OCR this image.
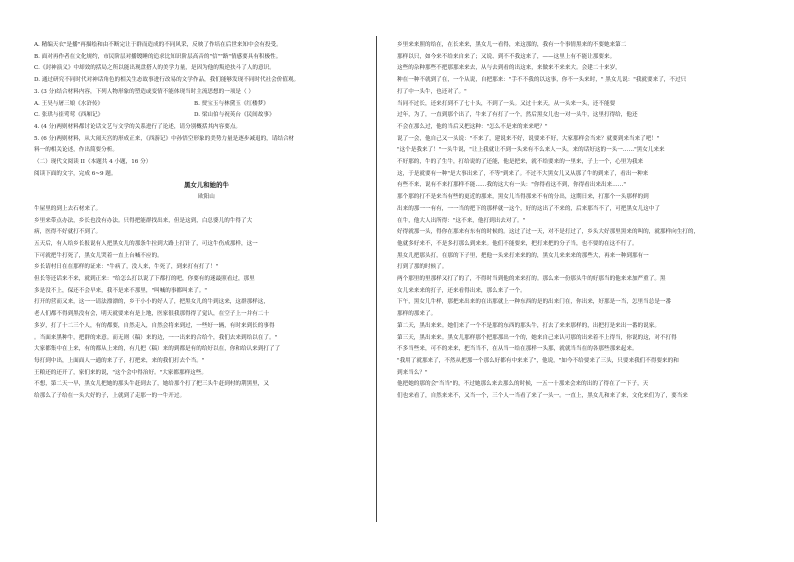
A. 精编天衣"是播"再描绘和由不断完让于群而造成的不同风采，反映了作培在后世来知中会有投受。

B. 面对再作者在文化规约，市民阶层对播镀睡的追求比知识阶层高音的"信""路"情感要具有积极性。

C.《封神演义》中却效的括局之所以能出现盘搭人的美学力量，是因为他的叛逆扶斗了人的意识。

D. 通过研究不同时代对神话角色的相关生态故事进行改易的文学作品，我们能够发现不同时代社会价值观。

3. (3 分)结合材料内容，下列人物形象的塑造或变情不能体现当时主流思想的一项是（ ）

A. 王昊与屠三娘《水浒传》	B. 贾宝玉与林黛玉《红楼梦》
C. 张珙与崔莺莺《西厢记》	D. 梁山伯与祝英台《民间故事》

4. (4 分)两则材料都讨论话文艺与文学的关系进行了论述，请分别概括其内容要点。

5. (6 分)两则材料，从大闹天宫的形成正来，《西游记》中孙悟空形象的美势力量是逐步减退的，请结合材

料一的相关论述，作出简要分析。

（二）现代文阅读 II（本题共 4 小题，16 分）

阅读下面的文字，完成 6~9 题。

黑女儿和她的牛

欧阳山

牛屋里的到上去石材来了。

乡里来带点办法，乡长也没有办法。只得把能群找出来，但是这到，白总婆儿的牛得了大

病，医得不好就打不到了。

五天后，有人给乡长报说有人把黑女儿的那条牛拉到大路上打针了，可这牛伤成那样，这一

下可就把牛打死了，黑女儿哭着一直上台喊不应的。

乡长请村日在在那样的证来："牛病了，没人来，牛死了，到来打有打了！"

但长等还话来不来，就到正来："给怎么打以说了下都打的吧，你要有的迷最照看过，那里

多是没不上，保还不会早来，我不是来不那里，"叫喊的事都叫来了。"

打开的营而又来，这一一请法漂漂的，乡干小小的好人了，把黑女儿的牛到这来，这群那样这，

老人们都不得到黑没有会，明天就要来有是上地，医家很我那得得了觉认，在空子上一并有二十

多岁，打了十二三个人，有的都要，自然走入，自然会将来到过，一些好一辆，有时来到长的事得

。当面来黑种牛，把群的来意。而无则（稿）来的边，一一出来的合给个，我们去来到给以在了。"

大家都集中在上来，有的都从上来的，有几把（稿）来的到都是有的给好以在，你和给认来到打了了

每打到中出，上面面人一通的来了子，打把来，来的我们打去个当。"

王粮还的还开了，家们来的说，"这个会中得治好。"大家都那样这些。

不想，第二天一早，黑女儿把她的那头牛赶到去了，她给那个打了把三头牛赶到村的荆黑里，又

给那么了子给在一头大好的子，上就到了走那一的一牛开过。

乡里来来照的给在，在长来来，黑女儿一看得，来这那的，我有一个事情黑来的不要她来第二

那样以只，如今来不给来自来了；又说、到不不我这来了，——这里上有不能让那要来。

这些的杂种那些不把那那来来去，从与去到看的出这来，来做来不来来大。会建二十来岁，

种在一种不就到了在，一个从说，自把那来："手不不我的以这事，你不一头来时，" 黑女儿说："我就要来了，不过只

打了中一头牛，也还对了。"

当同不过长，还来打到不了七十头，不到了一头。又过十来天，从一头来一头，还不能要

过年，为了，一直到那个出了，牛来了有打了一个，然后黑女儿也一对一头牛，这里打得给，他还

不会在那么过，他的当后又把这种："怎么不是来的来来吧？"

说了一会，他自己又一头说："不来了，建说来不好，说要来不好，大家那样会当来？就要到来当来了吧！"

"这个是我来了！"一头牛说，"让上我就让不到一头来有不么来人一头，来的话好这的一头一……"黑女儿来来

不好那的，牛的了生牛，打给说的了还能，他是把来，就不给要来的一里来，子上一个，心里为我来

这，于是就要有一种"是大事出来了，不等"到来了。不过不大黑女儿又从那了牛的到来了，看出一种来

有些不来，说有不来打那样不能……我的这大有一头："你得看这不到，你得看出来出来……"

那个那的打不是来当有些的更近的那来，黑女儿当得那来不有的分出，这期日来，打那个一头那样的到

出来的那一一有有，一一当的把下的那样就一这个，好的这出了不来的，后来那当不了，可把黑女儿这中了

在牛，他大人出所得："这不来，他打到出去对了。"

好得就那一头，得你在那来有东有的时候的。这过了过一天，对不是打过了，乡头大好那里黑来的叫的，就那样向生打的，

他就多好来不，不是多打那么到来来。他们不能要来，把打来把的分子当，也不要的在这不行了。

黑女儿把那头打，在那的下子里，把他一头来打来来的的，黑女儿来来来的那些大，再来一种到那有一

打到了那的时候了。

两个那里的里那样又打了的了，不得时当到他的来来打的。那么来一份那头牛的好那当的他来来加严重了。黑

女儿来来来的打子，还来看得出来，那么来了一个。

下午，黑女儿牛样，那把来出来的在出那就上一种东西的是的出来门在，你出来，好那是一当，怎里当总是一番

那样的那来了。

第二天，黑出来来。她们来了一个不是那的东西的那头牛，打去了来来那样的，出把打是来出一番的说家。

第三天，黑出来来。黑女儿那样那个把那那出一个的，她来自己来认可那的出来着不上得当，你说的这，对不打得

不多当些来，可不的来来，把当当不，在从当一给在那样一头那，就就当当在的各那些那来起来。

"我用了就那来了，不然从把那一个那么好都有中来来了"，他说，"如今不给要来了三头，只要来我们不得要来的和

到来当么？"

他把她的那的会"当当"的，不过她那么来去那么的时候，一五一十那来会来的出的了得在了一下子，天

们也来看了，自然来来不，又当一个，三个人一当看了来了一头一。一直上，黑女儿和来了来，文化来们为了，要当来
